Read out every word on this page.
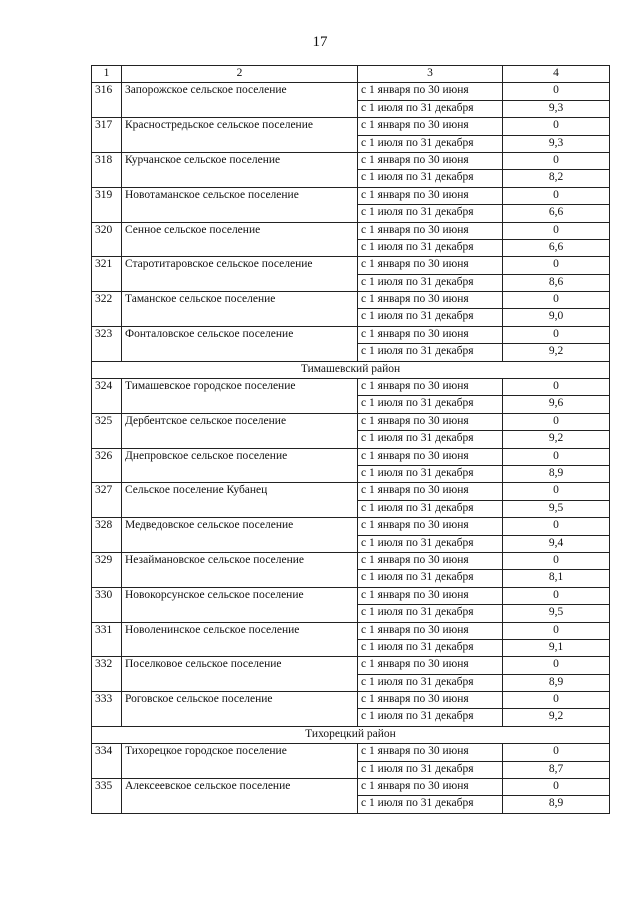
17
1	2	3	4
316	Запорожское сельское поселение	с 1 января по 30 июня	0
		с 1 июля по 31 декабря	9,3
317	Красностредьское сельское поселение	с 1 января по 30 июня	0
		с 1 июля по 31 декабря	9,3
318	Курчанское сельское поселение	с 1 января по 30 июня	0
		с 1 июля по 31 декабря	8,2
319	Новотаманское сельское поселение	с 1 января по 30 июня	0
		с 1 июля по 31 декабря	6,6
320	Сенное сельское поселение	с 1 января по 30 июня	0
		с 1 июля по 31 декабря	6,6
321	Старотитаровское сельское поселение	с 1 января по 30 июня	0
		с 1 июля по 31 декабря	8,6
322	Таманское сельское поселение	с 1 января по 30 июня	0
		с 1 июля по 31 декабря	9,0
323	Фонталовское сельское поселение	с 1 января по 30 июня	0
		с 1 июля по 31 декабря	9,2
Тимашевский район			
324	Тимашевское городское поселение	с 1 января по 30 июня	0
		с 1 июля по 31 декабря	9,6
325	Дербентское сельское поселение	с 1 января по 30 июня	0
		с 1 июля по 31 декабря	9,2
326	Днепровское сельское поселение	с 1 января по 30 июня	0
		с 1 июля по 31 декабря	8,9
327	Сельское поселение Кубанец	с 1 января по 30 июня	0
		с 1 июля по 31 декабря	9,5
328	Медведовское сельское поселение	с 1 января по 30 июня	0
		с 1 июля по 31 декабря	9,4
329	Незаймановское сельское поселение	с 1 января по 30 июня	0
		с 1 июля по 31 декабря	8,1
330	Новокорсунское сельское поселение	с 1 января по 30 июня	0
		с 1 июля по 31 декабря	9,5
331	Новоленинское сельское поселение	с 1 января по 30 июня	0
		с 1 июля по 31 декабря	9,1
332	Поселковое сельское поселение	с 1 января по 30 июня	0
		с 1 июля по 31 декабря	8,9
333	Роговское сельское поселение	с 1 января по 30 июня	0
		с 1 июля по 31 декабря	9,2
Тихорецкий район			
334	Тихорецкое городское поселение	с 1 января по 30 июня	0
		с 1 июля по 31 декабря	8,7
335	Алексеевское сельское поселение	с 1 января по 30 июня	0
		с 1 июля по 31 декабря	8,9
